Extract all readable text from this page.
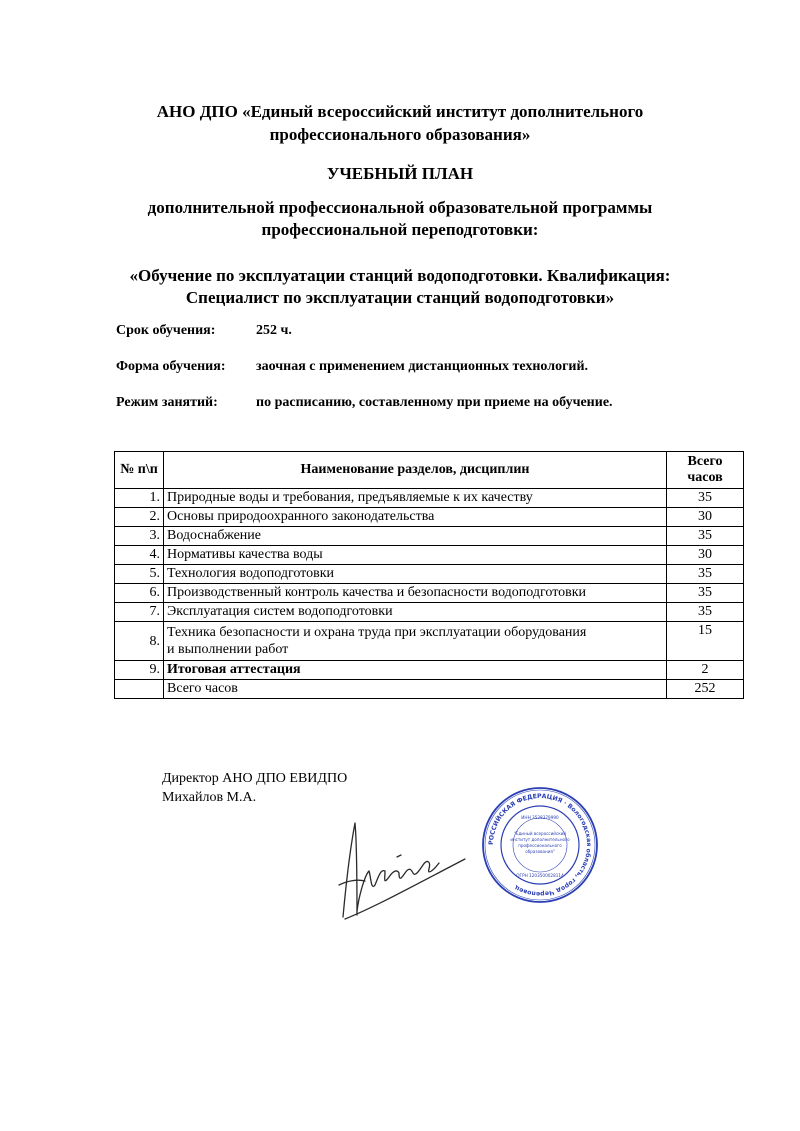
АНО ДПО «Единый всероссийский институт дополнительного
профессионального образования»
УЧЕБНЫЙ ПЛАН
дополнительной профессиональной образовательной программы
профессиональной переподготовки:
«Обучение по эксплуатации станций водоподготовки. Квалификация:
Специалист по эксплуатации станций водоподготовки»
Срок обучения:	252 ч.
Форма обучения: заочная с применением дистанционных технологий.
Режим занятий:	по расписанию, составленному при приеме на обучение.
№ п\п	Наименование разделов, дисциплин	Всего
часов

1.	Природные воды и требования, предъявляемые к их качеству	35
2.	Основы природоохранного законодательства	30
3.	Водоснабжение	35
4.	Нормативы качества воды	30
5.	Технология водоподготовки	35
6.	Производственный контроль качества и безопасности водоподготовки	35
7.	Эксплуатация систем водоподготовки	35
8.	Техника безопасности и охрана труда при эксплуатации оборудования
и выполнении работ	15
9.	Итоговая аттестация	2
	Всего часов	252
Директор АНО ДПО ЕВИДПО
Михайлов М.А.
РОССИЙСКАЯ ФЕДЕРАЦИЯ · Вологодская область, город Череповец
ИНН 3528379990
"Единый всероссийский
институт дополнительного
профессионального
образования"
ОГРН 1203500028114
